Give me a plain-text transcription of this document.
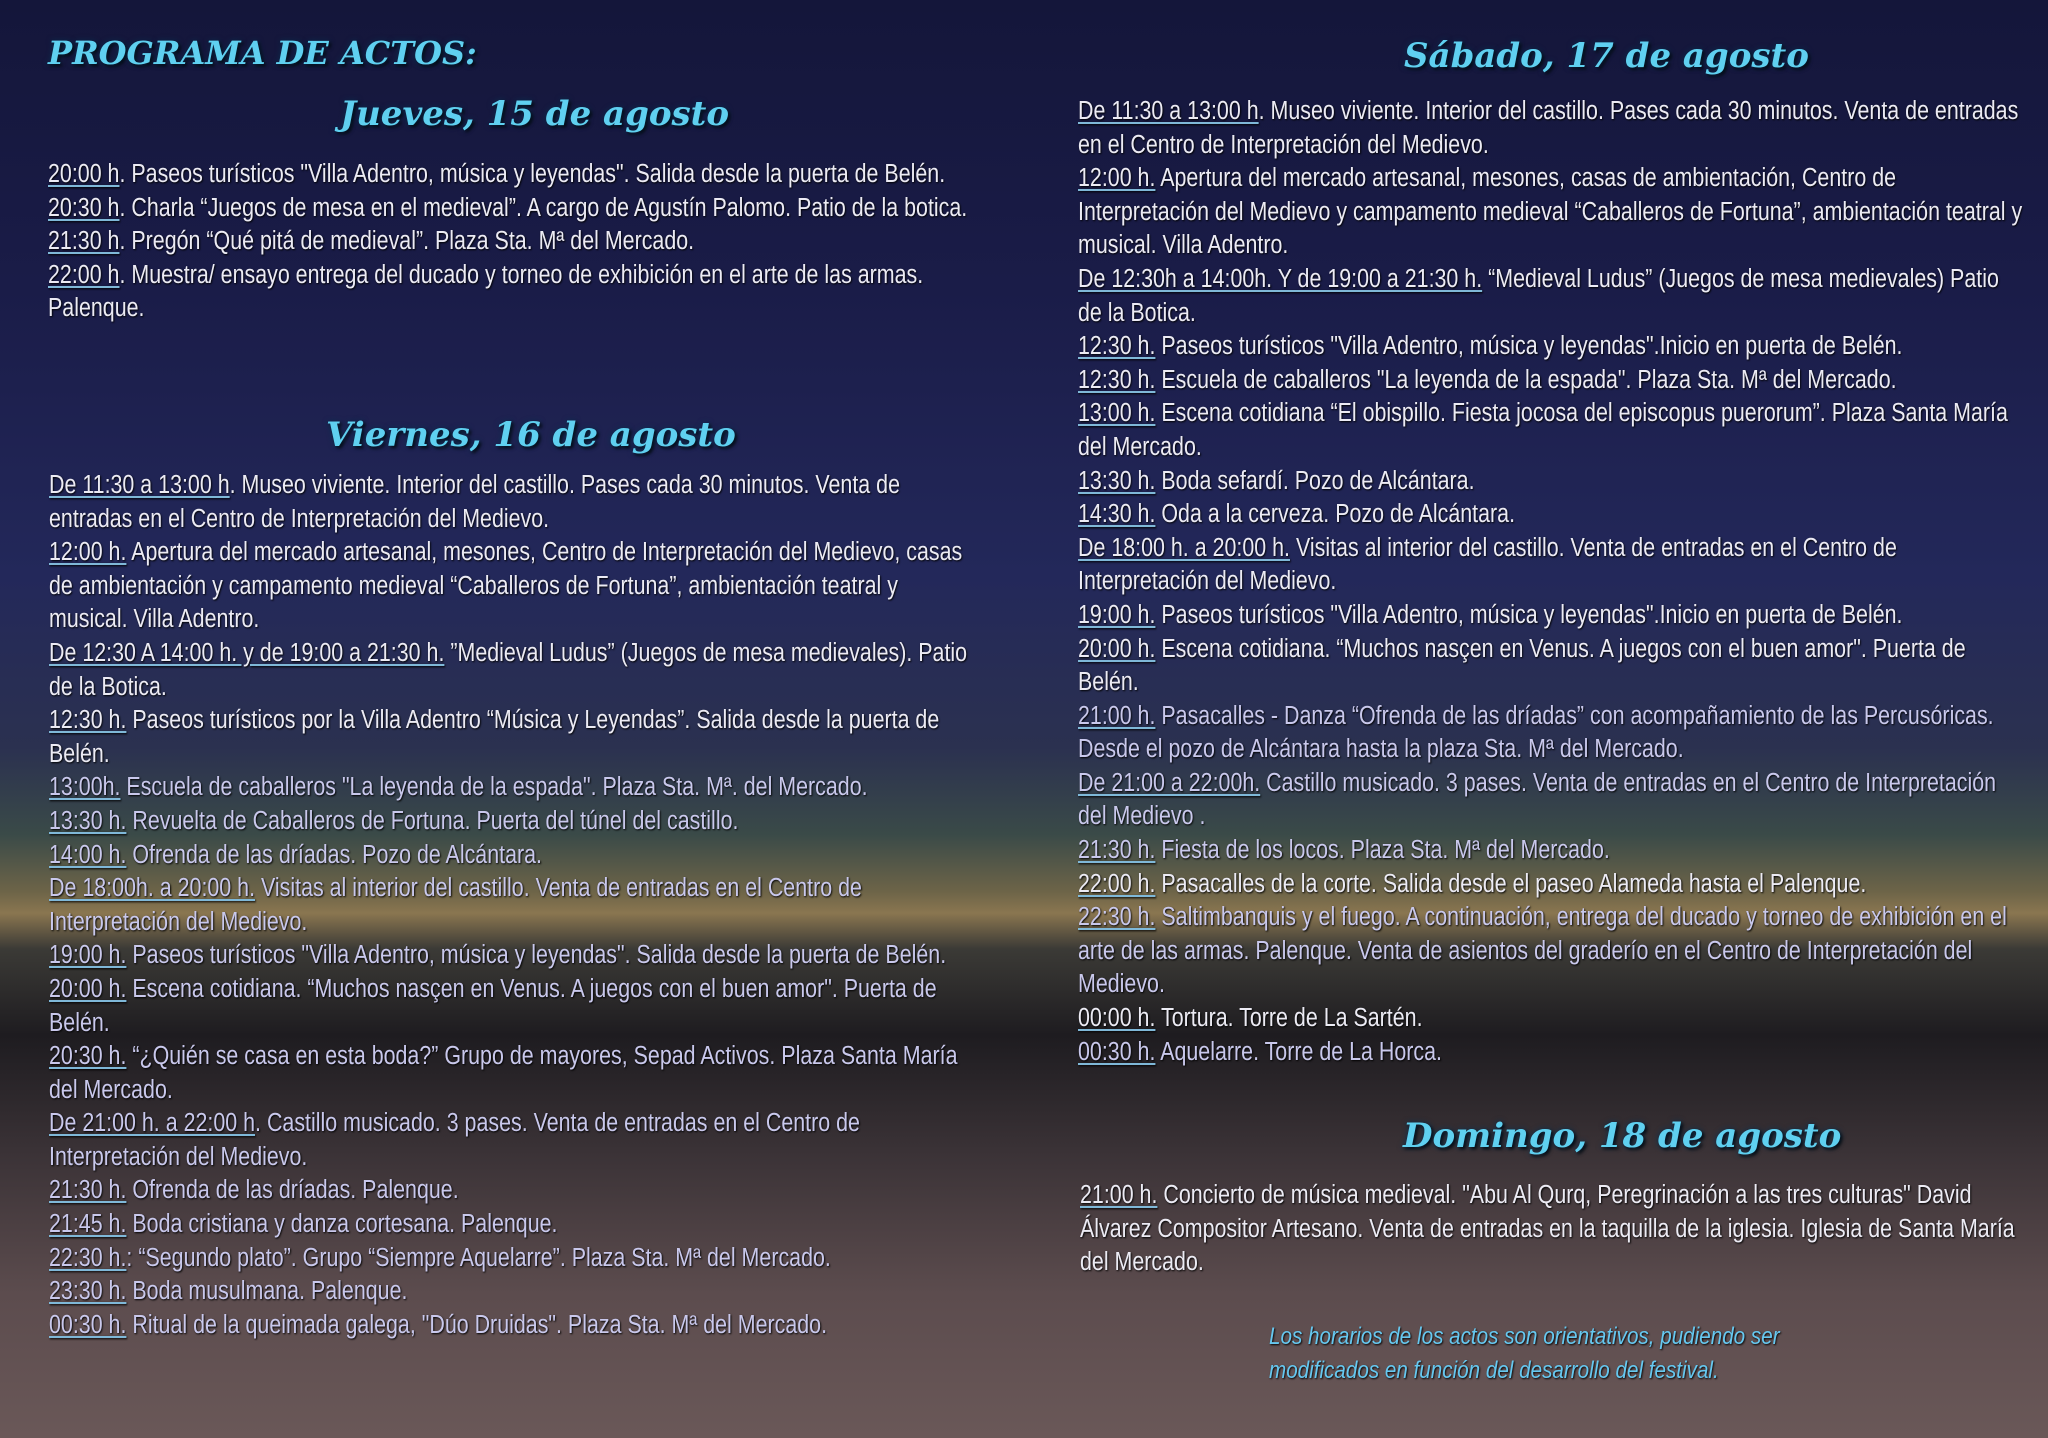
PROGRAMA DE ACTOS:
Jueves, 15 de agosto

20:00 h. Paseos turísticos "Villa Adentro, música y leyendas". Salida desde la puerta de Belén.

20:30 h. Charla “Juegos de mesa en el medieval”. A cargo de Agustín Palomo. Patio de la botica.

21:30 h. Pregón “Qué pitá de medieval”. Plaza Sta. Mª del Mercado.

22:00 h. Muestra/ ensayo entrega del ducado y torneo de exhibición en el arte de las armas. Palenque.

Viernes, 16 de agosto

De 11:30 a 13:00 h. Museo viviente. Interior del castillo. Pases cada 30 minutos. Venta de entradas en el Centro de Interpretación del Medievo.

12:00 h. Apertura del mercado artesanal, mesones, Centro de Interpretación del Medievo, casas de ambientación y campamento medieval “Caballeros de Fortuna”, ambientación teatral y musical. Villa Adentro.

De 12:30 A 14:00 h. y de 19:00 a 21:30 h. ”Medieval Ludus” (Juegos de mesa medievales). Patio de la Botica.

12:30 h. Paseos turísticos por la Villa Adentro “Música y Leyendas”. Salida desde la puerta de Belén.

13:00h. Escuela de caballeros "La leyenda de la espada". Plaza Sta. Mª. del Mercado.

13:30 h. Revuelta de Caballeros de Fortuna. Puerta del túnel del castillo.

14:00 h. Ofrenda de las dríadas. Pozo de Alcántara.

De 18:00h. a 20:00 h. Visitas al interior del castillo. Venta de entradas en el Centro de Interpretación del Medievo.

19:00 h. Paseos turísticos "Villa Adentro, música y leyendas". Salida desde la puerta de Belén.

20:00 h. Escena cotidiana. “Muchos nasçen en Venus. A juegos con el buen amor". Puerta de Belén.

20:30 h. “¿Quién se casa en esta boda?” Grupo de mayores, Sepad Activos. Plaza Santa María del Mercado.

De 21:00 h. a 22:00 h. Castillo musicado. 3 pases. Venta de entradas en el Centro de Interpretación del Medievo.

21:30 h. Ofrenda de las dríadas. Palenque.

21:45 h. Boda cristiana y danza cortesana. Palenque.

22:30 h.: “Segundo plato”. Grupo “Siempre Aquelarre”. Plaza Sta. Mª del Mercado.

23:30 h. Boda musulmana. Palenque.

00:30 h. Ritual de la queimada galega, "Dúo Druidas". Plaza Sta. Mª del Mercado.

Sábado, 17 de agosto

De 11:30 a 13:00 h. Museo viviente. Interior del castillo. Pases cada 30 minutos. Venta de entradas en el Centro de Interpretación del Medievo.

12:00 h. Apertura del mercado artesanal, mesones, casas de ambientación, Centro de Interpretación del Medievo y campamento medieval “Caballeros de Fortuna”, ambientación teatral y musical. Villa Adentro.

De 12:30h a 14:00h. Y de 19:00 a 21:30 h. “Medieval Ludus” (Juegos de mesa medievales) Patio de la Botica.

12:30 h. Paseos turísticos "Villa Adentro, música y leyendas".Inicio en puerta de Belén.

12:30 h. Escuela de caballeros "La leyenda de la espada". Plaza Sta. Mª del Mercado.

13:00 h. Escena cotidiana “El obispillo. Fiesta jocosa del episcopus puerorum”. Plaza Santa María del Mercado.

13:30 h. Boda sefardí. Pozo de Alcántara.

14:30 h. Oda a la cerveza. Pozo de Alcántara.

De 18:00 h. a 20:00 h. Visitas al interior del castillo. Venta de entradas en el Centro de Interpretación del Medievo.

19:00 h. Paseos turísticos "Villa Adentro, música y leyendas".Inicio en puerta de Belén.

20:00 h. Escena cotidiana. “Muchos nasçen en Venus. A juegos con el buen amor". Puerta de Belén.

21:00 h. Pasacalles - Danza “Ofrenda de las dríadas” con acompañamiento de las Percusóricas. Desde el pozo de Alcántara hasta la plaza Sta. Mª del Mercado.

De 21:00 a 22:00h. Castillo musicado. 3 pases. Venta de entradas en el Centro de Interpretación del Medievo .

21:30 h. Fiesta de los locos. Plaza Sta. Mª del Mercado.

22:00 h. Pasacalles de la corte. Salida desde el paseo Alameda hasta el Palenque.

22:30 h. Saltimbanquis y el fuego. A continuación, entrega del ducado y torneo de exhibición en el arte de las armas. Palenque. Venta de asientos del graderío en el Centro de Interpretación del Medievo.

00:00 h. Tortura. Torre de La Sartén.

00:30 h. Aquelarre. Torre de La Horca.

Domingo, 18 de agosto

21:00 h. Concierto de música medieval. "Abu Al Qurq, Peregrinación a las tres culturas" David Álvarez Compositor Artesano. Venta de entradas en la taquilla de la iglesia. Iglesia de Santa María del Mercado.

Los horarios de los actos son orientativos, pudiendo ser modificados en función del desarrollo del festival.
